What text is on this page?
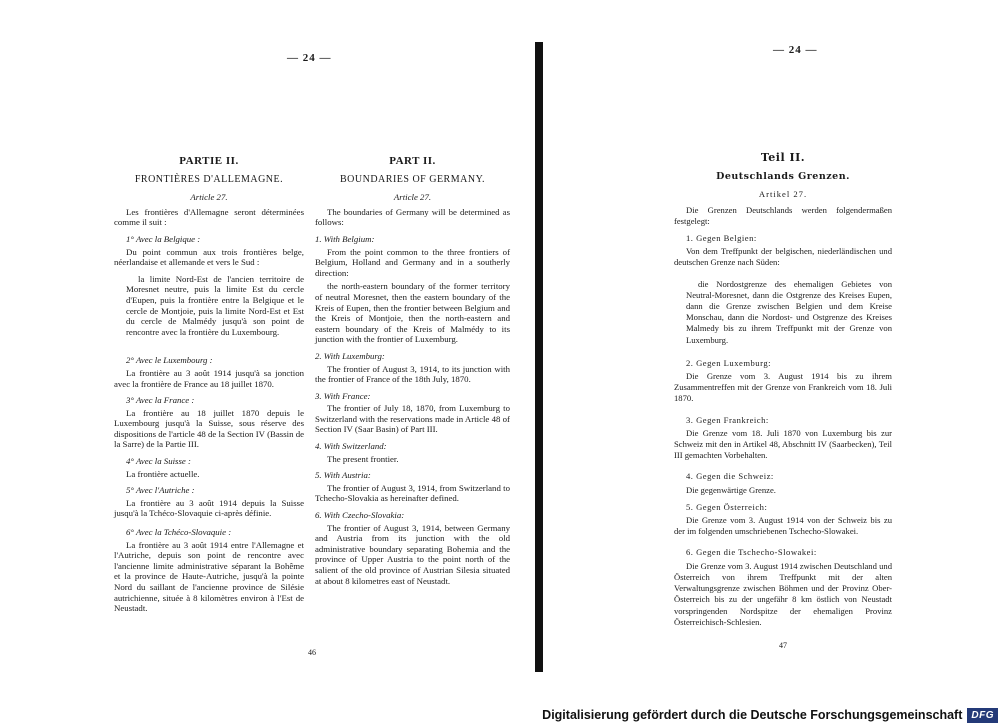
— 24 —

PARTIE II.

FRONTIÈRES D'ALLEMAGNE.

Article 27.

Les frontières d'Allemagne seront déterminées comme il suit :

1° Avec la Belgique :

Du point commun aux trois frontières belge, néerlandaise et allemande et vers le Sud :

la limite Nord-Est de l'ancien territoire de Moresnet neutre, puis la limite Est du cercle d'Eupen, puis la frontière entre la Belgique et le cercle de Montjoie, puis la limite Nord-Est et Est du cercle de Malmédy jusqu'à son point de rencontre avec la frontière du Luxembourg.

2° Avec le Luxembourg :

La frontière au 3 août 1914 jusqu'à sa jonction avec la frontière de France au 18 juillet 1870.

3° Avec la France :

La frontière au 18 juillet 1870 depuis le Luxembourg jusqu'à la Suisse, sous réserve des dispositions de l'article 48 de la Section IV (Bassin de la Sarre) de la Partie III.

4° Avec la Suisse :

La frontière actuelle.

5° Avec l'Autriche :

La frontière au 3 août 1914 depuis la Suisse jusqu'à la Tchéco-Slovaquie ci-après définie.

6° Avec la Tchéco-Slovaquie :

La frontière au 3 août 1914 entre l'Allemagne et l'Autriche, depuis son point de rencontre avec l'ancienne limite administrative séparant la Bohême et la province de Haute-Autriche, jusqu'à la pointe Nord du saillant de l'ancienne province de Silésie autrichienne, située à 8 kilomètres environ à l'Est de Neustadt.

PART II.

BOUNDARIES OF GERMANY.

Article 27.

The boundaries of Germany will be determined as follows:

1. With Belgium:

From the point common to the three frontiers of Belgium, Holland and Germany and in a southerly direction:

the north-eastern boundary of the former territory of neutral Moresnet, then the eastern boundary of the Kreis of Eupen, then the frontier between Belgium and the Kreis of Montjoie, then the north-eastern and eastern boundary of the Kreis of Malmédy to its junction with the frontier of Luxemburg.

2. With Luxemburg:

The frontier of August 3, 1914, to its junction with the frontier of France of the 18th July, 1870.

3. With France:

The frontier of July 18, 1870, from Luxemburg to Switzerland with the reservations made in Article 48 of Section IV (Saar Basin) of Part III.

4. With Switzerland:

The present frontier.

5. With Austria:

The frontier of August 3, 1914, from Switzerland to Tchecho-Slovakia as hereinafter defined.

6. With Czecho-Slovakia:

The frontier of August 3, 1914, between Germany and Austria from its junction with the old administrative boundary separating Bohemia and the province of Upper Austria to the point north of the salient of the old province of Austrian Silesia situated at about 8 kilometres east of Neustadt.

46
— 24 —
47

Teil II.

Deutschlands Grenzen.

Artikel 27.

Die Grenzen Deutschlands werden folgendermaßen festgelegt:

1. Gegen Belgien:

Von dem Treffpunkt der belgischen, niederländischen und deutschen Grenze nach Süden:

die Nordostgrenze des ehemaligen Gebietes von Neutral-Moresnet, dann die Ostgrenze des Kreises Eupen, dann die Grenze zwischen Belgien und dem Kreise Monschau, dann die Nordost- und Ostgrenze des Kreises Malmedy bis zu ihrem Treffpunkt mit der Grenze von Luxemburg.

2. Gegen Luxemburg:

Die Grenze vom 3. August 1914 bis zu ihrem Zusammentreffen mit der Grenze von Frankreich vom 18. Juli 1870.

3. Gegen Frankreich:

Die Grenze vom 18. Juli 1870 von Luxemburg bis zur Schweiz mit den in Artikel 48, Abschnitt IV (Saarbecken), Teil III gemachten Vorbehalten.

4. Gegen die Schweiz:

Die gegenwärtige Grenze.

5. Gegen Österreich:

Die Grenze vom 3. August 1914 von der Schweiz bis zu der im folgenden umschriebenen Tschecho-Slowakei.

6. Gegen die Tschecho-Slowakei:

Die Grenze vom 3. August 1914 zwischen Deutschland und Österreich von ihrem Treffpunkt mit der alten Verwaltungsgrenze zwischen Böhmen und der Provinz Ober-Österreich bis zu der ungefähr 8 km östlich von Neustadt vorspringenden Nordspitze der ehemaligen Provinz Österreichisch-Schlesien.

Digitalisierung gefördert durch die Deutsche Forschungsgemeinschaft DFG
